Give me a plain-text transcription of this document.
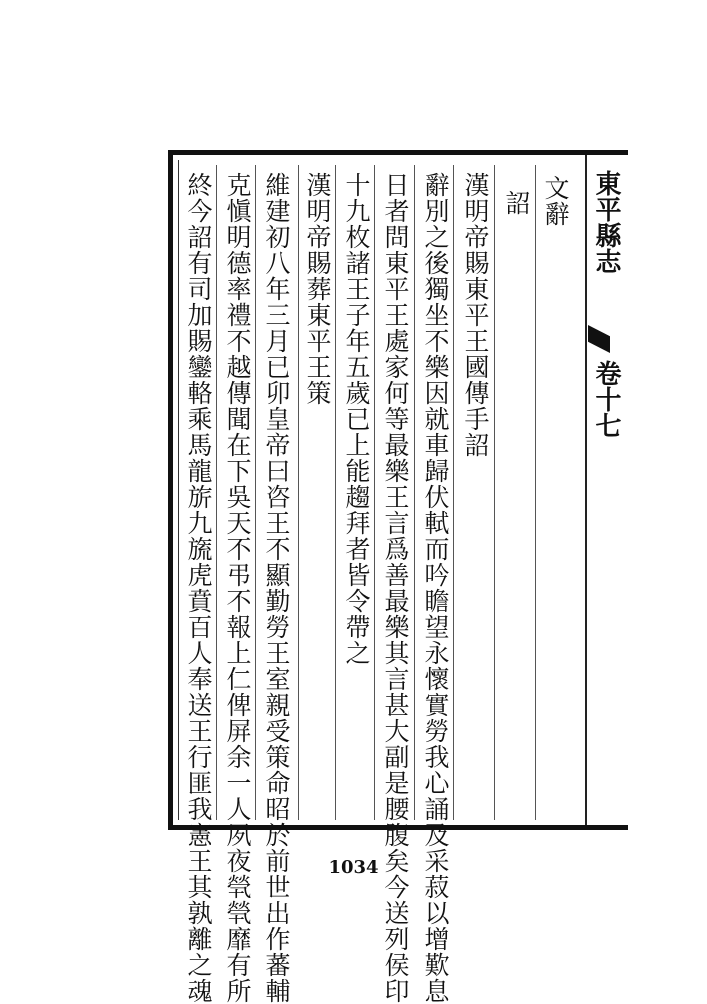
東平縣志
卷十七
文辭
詔
漢明帝賜東平王國傳手詔
辭別之後獨坐不樂因就車歸伏軾而吟瞻望永懷實勞我心誦及采菽以增歎息
日者問東平王處家何等最樂王言爲善最樂其言甚大副是腰腹矣今送列侯印
十九枚諸王子年五歲已上能趨拜者皆令帶之
漢明帝賜葬東平王策
維建初八年三月已卯皇帝曰咨王不顯勤勞王室親受策命昭於前世出作蕃輔
克愼明德率禮不越傳聞在下吳天不弔不報上仁俾屏余一人夙夜煢煢靡有所
終今詔有司加賜鑾輅乘馬龍旂九旒虎賁百人奉送王行匪我憲王其孰離之魂	1034
